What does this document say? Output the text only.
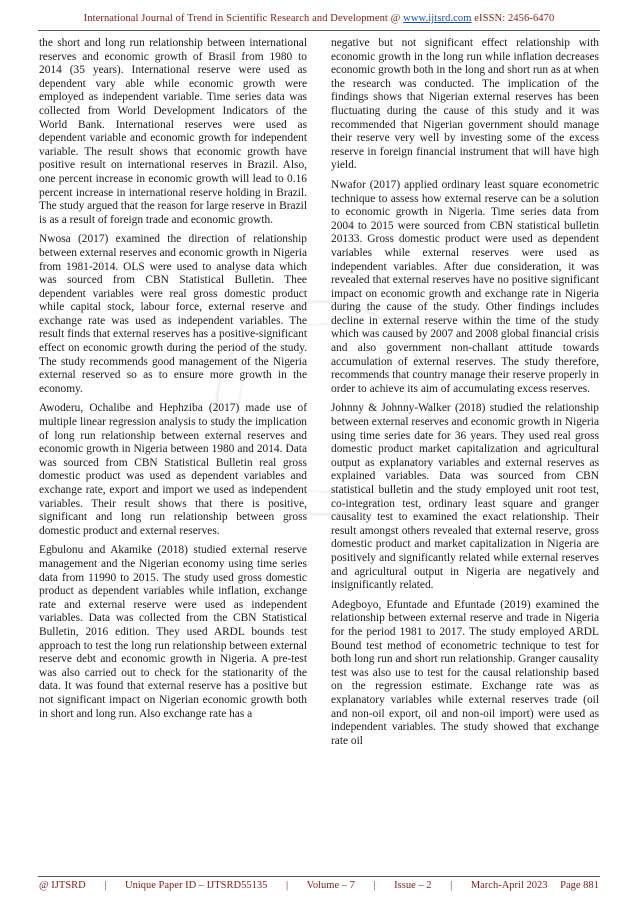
International Journal of Trend in Scientific Research and Development @ www.ijtsrd.com eISSN: 2456-6470

the short and long run relationship between international reserves and economic growth of Brasil from 1980 to 2014 (35 years). International reserve were used as dependent vary able while economic growth were employed as independent variable. Time series data was collected from World Development Indicators of the World Bank. International reserves were used as dependent variable and economic growth for independent variable. The result shows that economic growth have positive result on international reserves in Brazil. Also, one percent increase in economic growth will lead to 0.16 percent increase in international reserve holding in Brazil. The study argued that the reason for large reserve in Brazil is as a result of foreign trade and economic growth.

Nwosa (2017) examined the direction of relationship between external reserves and economic growth in Nigeria from 1981-2014. OLS were used to analyse data which was sourced from CBN Statistical Bulletin. Thee dependent variables were real gross domestic product while capital stock, labour force, external reserve and exchange rate was used as independent variables. The result finds that external reserves has a positive-significant effect on economic growth during the period of the study. The study recommends good management of the Nigeria external reserved so as to ensure more growth in the economy.

Awoderu, Ochalibe and Hephziba (2017) made use of multiple linear regression analysis to study the implication of long run relationship between external reserves and economic growth in Nigeria between 1980 and 2014. Data was sourced from CBN Statistical Bulletin real gross domestic product was used as dependent variables and exchange rate, export and import we used as independent variables. Their result shows that there is positive, significant and long run relationship between gross domestic product and external reserves.

Egbulonu and Akamike (2018) studied external reserve management and the Nigerian economy using time series data from 11990 to 2015. The study used gross domestic product as dependent variables while inflation, exchange rate and external reserve were used as independent variables. Data was collected from the CBN Statistical Bulletin, 2016 edition. They used ARDL bounds test approach to test the long run relationship between external reserve debt and economic growth in Nigeria. A pre-test was also carried out to check for the stationarity of the data. It was found that external reserve has a positive but not significant impact on Nigerian economic growth both in short and long run. Also exchange rate has a

negative but not significant effect relationship with economic growth in the long run while inflation decreases economic growth both in the long and short run as at when the research was conducted. The implication of the findings shows that Nigerian external reserves has been fluctuating during the cause of this study and it was recommended that Nigerian government should manage their reserve very well by investing some of the excess reserve in foreign financial instrument that will have high yield.

Nwafor (2017) applied ordinary least square econometric technique to assess how external reserve can be a solution to economic growth in Nigeria. Time series data from 2004 to 2015 were sourced from CBN statistical bulletin 20133. Gross domestic product were used as dependent variables while external reserves were used as independent variables. After due consideration, it was revealed that external reserves have no positive significant impact on economic growth and exchange rate in Nigeria during the cause of the study. Other findings includes decline in external reserve within the time of the study which was caused by 2007 and 2008 global financial crisis and also government non-challant attitude towards accumulation of external reserves. The study therefore, recommends that country manage their reserve properly in order to achieve its aim of accumulating excess reserves.

Johnny & Johnny-Walker (2018) studied the relationship between external reserves and economic growth in Nigeria using time series date for 36 years. They used real gross domestic product market capitalization and agricultural output as explanatory variables and external reserves as explained variables. Data was sourced from CBN statistical bulletin and the study employed unit root test, co-integration test, ordinary least square and granger causality test to examined the exact relationship. Their result amongst others revealed that external reserve, gross domestic product and market capitalization in Nigeria are positively and significantly related while external reserves and agricultural output in Nigeria are negatively and insignificantly related.

Adegboyo, Efuntade and Efuntade (2019) examined the relationship between external reserve and trade in Nigeria for the period 1981 to 2017. The study employed ARDL Bound test method of econometric technique to test for both long run and short run relationship. Granger causality test was also use to test for the causal relationship based on the regression estimate. Exchange rate was as explanatory variables while external reserves trade (oil and non-oil export, oil and non-oil import) were used as independent variables. The study showed that exchange rate oil

@ IJTSRD | Unique Paper ID – IJTSRD55135 | Volume – 7 | Issue – 2 | March-April 2023 Page 881
